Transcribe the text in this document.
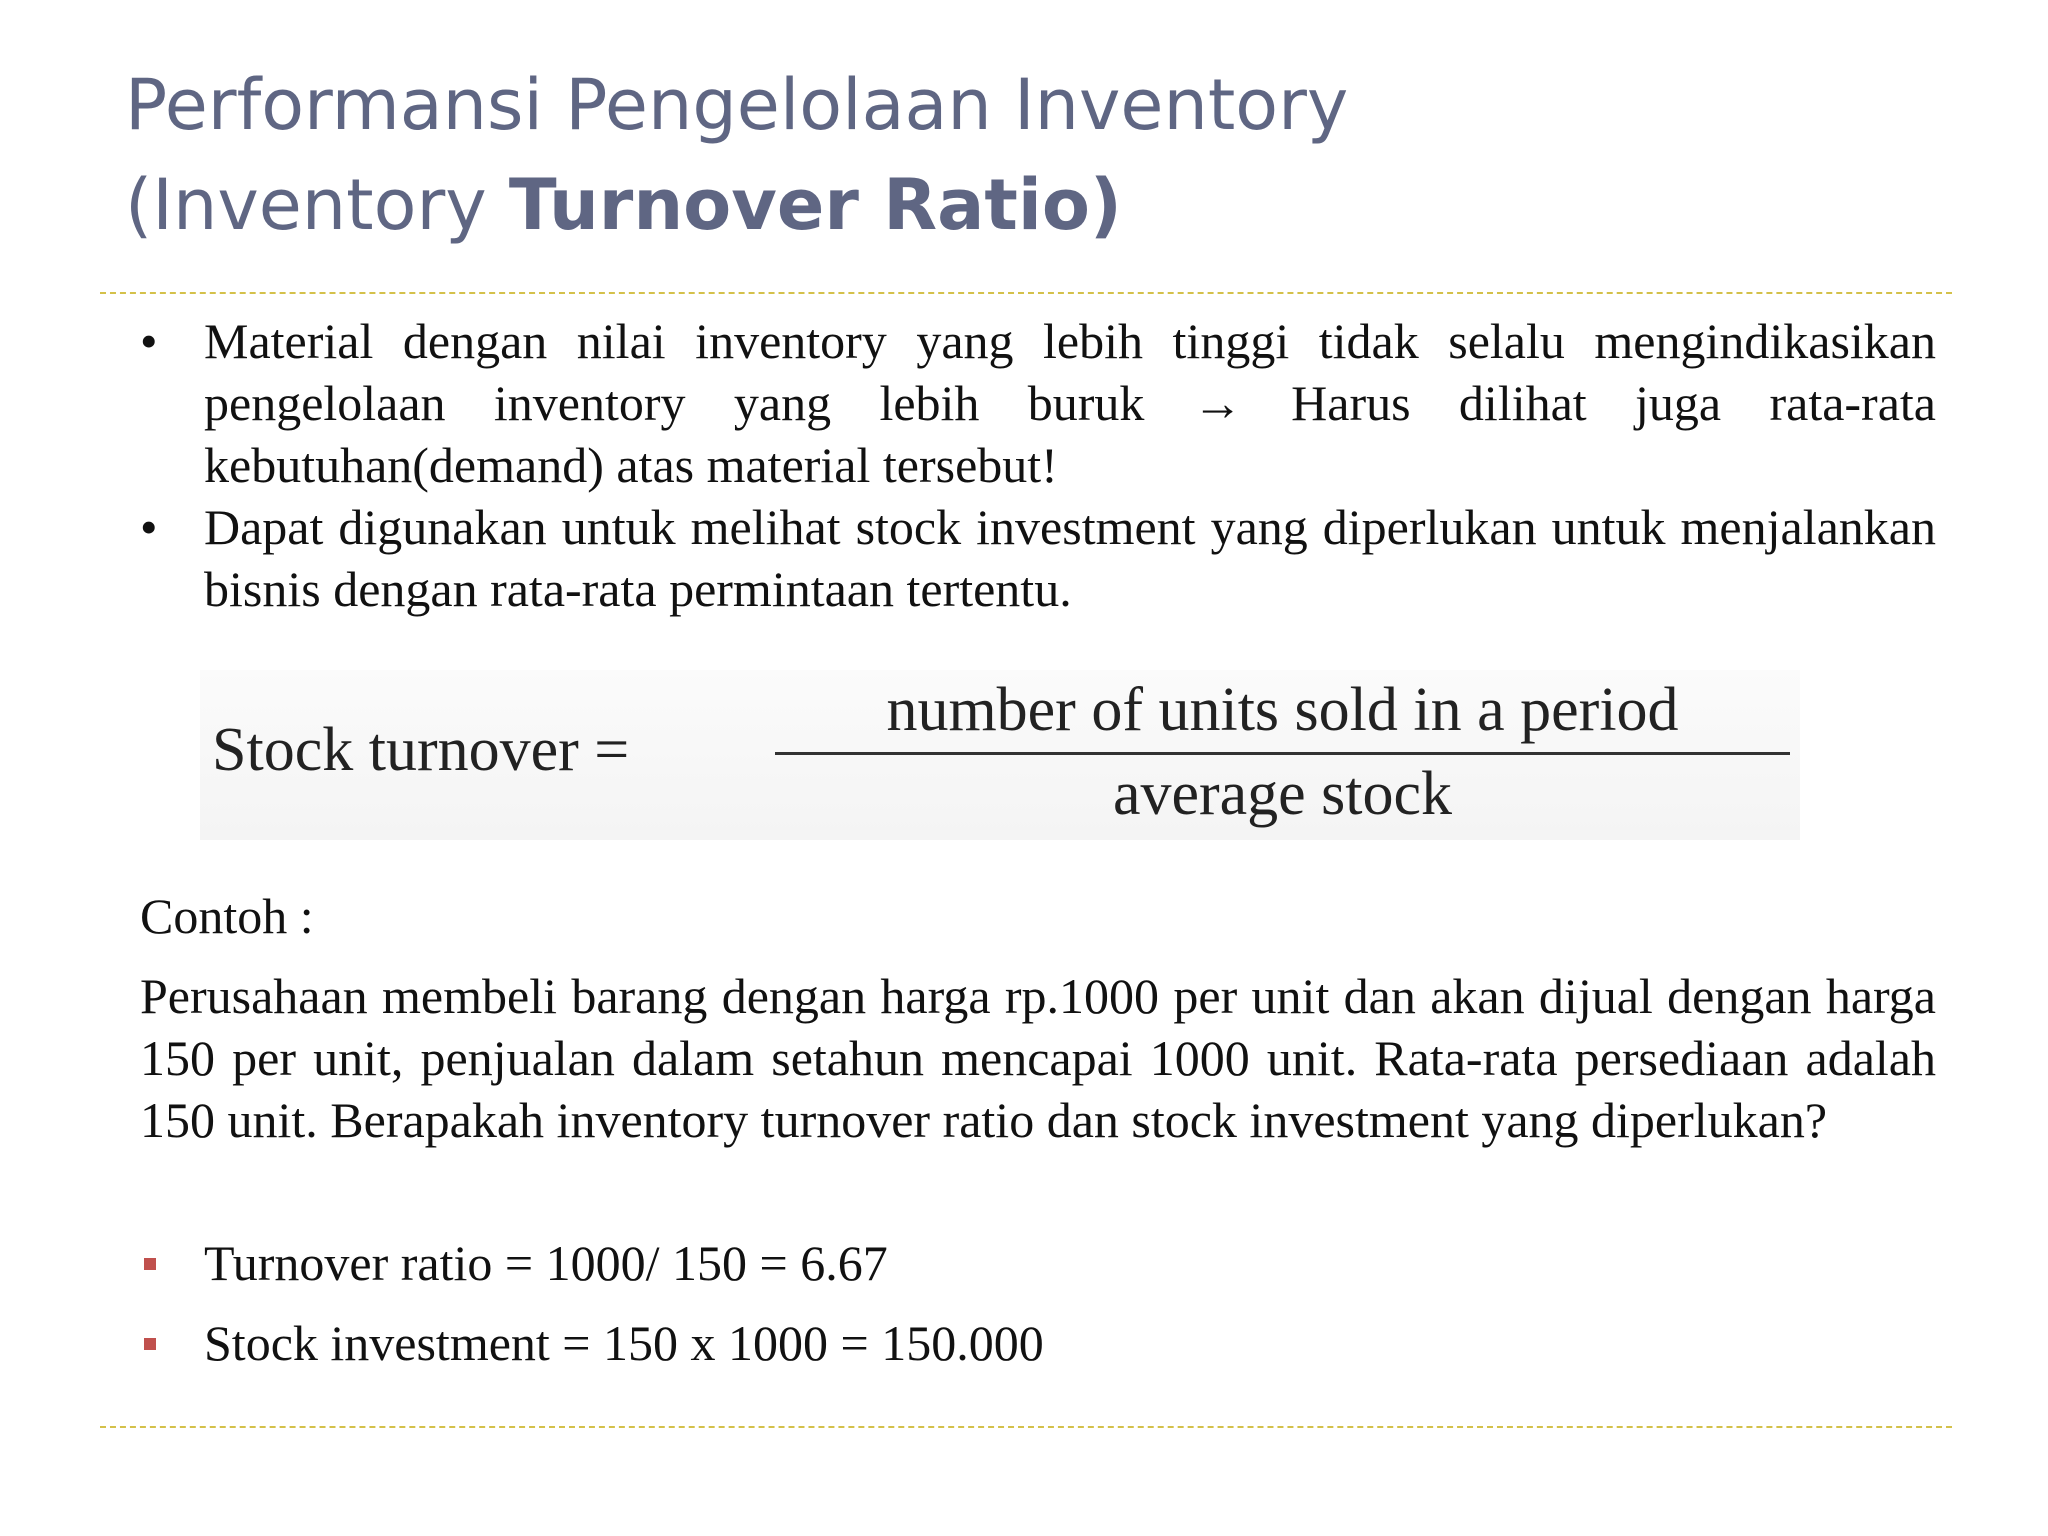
Performansi Pengelolaan Inventory
(Inventory Turnover Ratio)
• Material dengan nilai inventory yang lebih tinggi tidak selalu mengindikasikan pengelolaan inventory yang lebih buruk → Harus dilihat juga rata-rata kebutuhan(demand) atas material tersebut!
• Dapat digunakan untuk melihat stock investment yang diperlukan untuk menjalankan bisnis dengan rata-rata permintaan tertentu.
Stock turnover =
number of units sold in a period
average stock
Contoh :

Perusahaan membeli barang dengan harga rp.1000 per unit dan akan dijual dengan harga 150 per unit, penjualan dalam setahun mencapai 1000 unit. Rata-rata persediaan adalah 150 unit. Berapakah inventory turnover ratio dan stock investment yang diperlukan?

Turnover ratio = 1000/ 150 = 6.67
Stock investment = 150 x 1000 = 150.000
